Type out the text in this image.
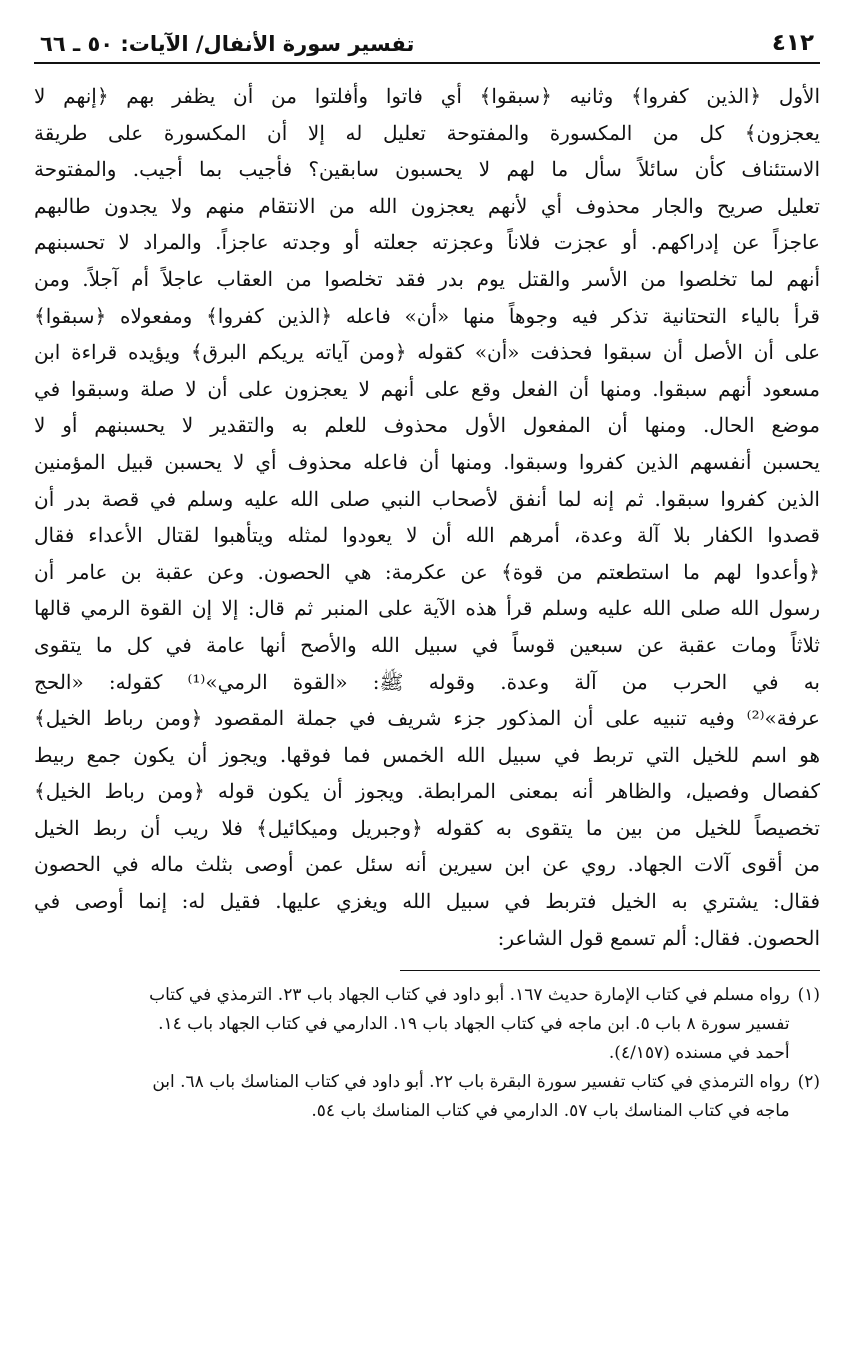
٤١٢
تفسير سورة الأنفال/ الآيات: ٥٠ ـ ٦٦
الأول ﴿الذين كفروا﴾ وثانيه ﴿سبقوا﴾ أي فاتوا وأفلتوا من أن يظفر بهم ﴿إنهم لا
يعجزون﴾ كل من المكسورة والمفتوحة تعليل له إلا أن المكسورة على طريقة
الاستئناف كأن سائلاً سأل ما لهم لا يحسبون سابقين؟ فأجيب بما أجيب. والمفتوحة
تعليل صريح والجار محذوف أي لأنهم يعجزون الله من الانتقام منهم ولا يجدون طالبهم
عاجزاً عن إدراكهم. أو عجزت فلاناً وعجزته جعلته أو وجدته عاجزاً. والمراد لا تحسبنهم
أنهم لما تخلصوا من الأسر والقتل يوم بدر فقد تخلصوا من العقاب عاجلاً أم آجلاً. ومن
قرأ بالياء التحتانية تذكر فيه وجوهاً منها «أن» فاعله ﴿الذين كفروا﴾ ومفعولاه ﴿سبقوا﴾
على أن الأصل أن سبقوا فحذفت «أن» كقوله ﴿ومن آياته يريكم البرق﴾ ويؤيده قراءة ابن
مسعود أنهم سبقوا. ومنها أن الفعل وقع على أنهم لا يعجزون على أن لا صلة وسبقوا في
موضع الحال. ومنها أن المفعول الأول محذوف للعلم به والتقدير لا يحسبنهم أو لا
يحسبن أنفسهم الذين كفروا وسبقوا. ومنها أن فاعله محذوف أي لا يحسبن قبيل المؤمنين
الذين كفروا سبقوا. ثم إنه لما أنفق لأصحاب النبي صلى الله عليه وسلم في قصة بدر أن
قصدوا الكفار بلا آلة وعدة، أمرهم الله أن لا يعودوا لمثله ويتأهبوا لقتال الأعداء فقال
﴿وأعدوا لهم ما استطعتم من قوة﴾ عن عكرمة: هي الحصون. وعن عقبة بن عامر أن
رسول الله صلى الله عليه وسلم قرأ هذه الآية على المنبر ثم قال: إلا إن القوة الرمي قالها
ثلاثاً ومات عقبة عن سبعين قوساً في سبيل الله والأصح أنها عامة في كل ما يتقوى
به في الحرب من آلة وعدة. وقوله ﷺ: «القوة الرمي»⁽¹⁾ كقوله: «الحج
عرفة»⁽²⁾ وفيه تنبيه على أن المذكور جزء شريف في جملة المقصود ﴿ومن رباط الخيل﴾
هو اسم للخيل التي تربط في سبيل الله الخمس فما فوقها. ويجوز أن يكون جمع ربيط
كفصال وفصيل، والظاهر أنه بمعنى المرابطة. ويجوز أن يكون قوله ﴿ومن رباط الخيل﴾
تخصيصاً للخيل من بين ما يتقوى به كقوله ﴿وجبريل وميكائيل﴾ فلا ريب أن ربط الخيل
من أقوى آلات الجهاد. روي عن ابن سيرين أنه سئل عمن أوصى بثلث ماله في الحصون
فقال: يشتري به الخيل فتربط في سبيل الله ويغزي عليها. فقيل له: إنما أوصى في
الحصون. فقال: ألم تسمع قول الشاعر:
(١)
رواه مسلم في كتاب الإمارة حديث ١٦٧. أبو داود في كتاب الجهاد باب ٢٣. الترمذي في كتاب
تفسير سورة ٨ باب ٥. ابن ماجه في كتاب الجهاد باب ١٩. الدارمي في كتاب الجهاد باب ١٤.
أحمد في مسنده (٤/١٥٧).
(٢)
رواه الترمذي في كتاب تفسير سورة البقرة باب ٢٢. أبو داود في كتاب المناسك باب ٦٨. ابن
ماجه في كتاب المناسك باب ٥٧. الدارمي في كتاب المناسك باب ٥٤.
